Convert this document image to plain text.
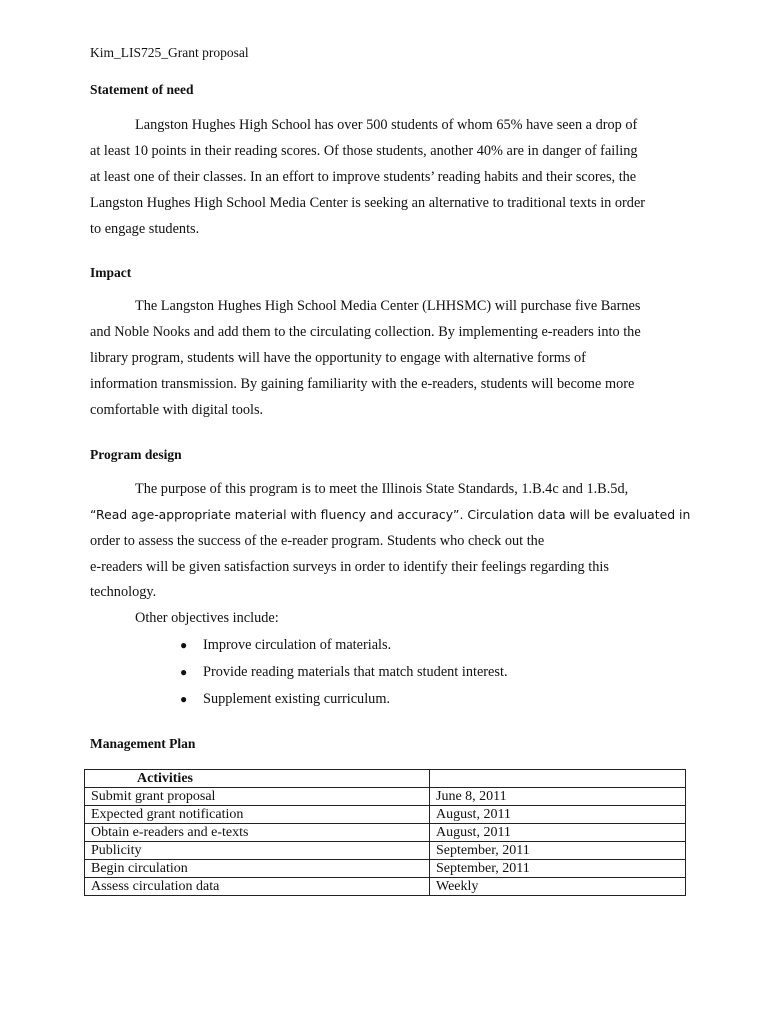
Kim_LIS725_Grant proposal
Statement of need
Langston Hughes High School has over 500 students of whom 65% have seen a drop of
at least 10 points in their reading scores. Of those students, another 40% are in danger of failing
at least one of their classes. In an effort to improve students’ reading habits and their scores, the
Langston Hughes High School Media Center is seeking an alternative to traditional texts in order
to engage students.
Impact
The Langston Hughes High School Media Center (LHHSMC) will purchase five Barnes
and Noble Nooks and add them to the circulating collection. By implementing e-readers into the
library program, students will have the opportunity to engage with alternative forms of
information transmission. By gaining familiarity with the e-readers, students will become more
comfortable with digital tools.
Program design
The purpose of this program is to meet the Illinois State Standards, 1.B.4c and 1.B.5d,
“Read age-appropriate material with fluency and accuracy”. Circulation data will be evaluated in
order to assess the success of the e-reader program. Students who check out the
e-readers will be given satisfaction surveys in order to identify their feelings regarding this
technology.
Other objectives include:
● Improve circulation of materials.
● Provide reading materials that match student interest.
● Supplement existing curriculum.
Management Plan
Activities	
Submit grant proposal	June 8, 2011
Expected grant notification	August, 2011
Obtain e-readers and e-texts	August, 2011
Publicity	September, 2011
Begin circulation	September, 2011
Assess circulation data	Weekly
